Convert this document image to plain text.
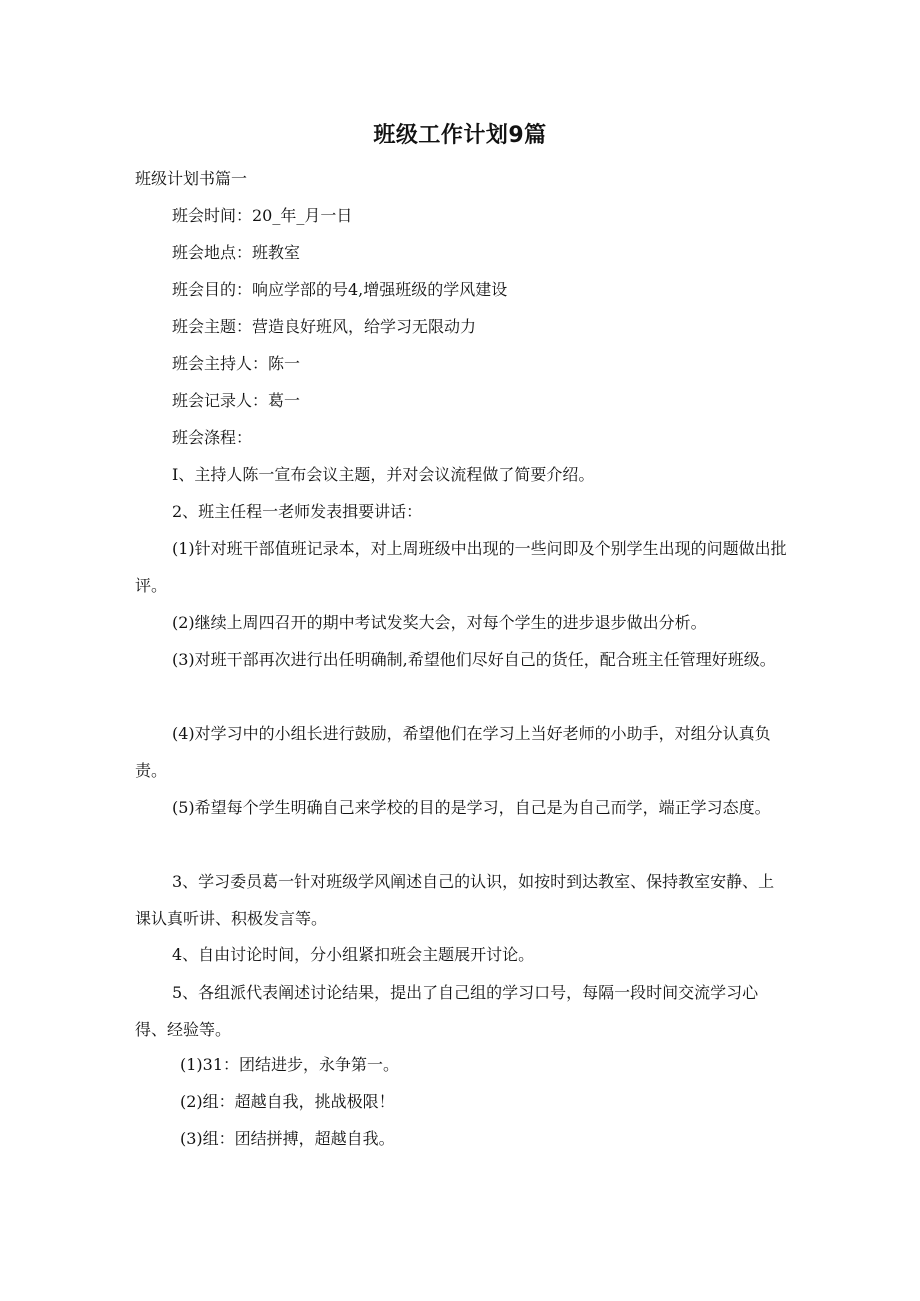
班级工作计划9篇
班级计划书篇一
班会时间：20_年_月一日
班会地点：班教室
班会目的：响应学部的号4,增强班级的学风建设
班会主题：营造良好班风，给学习无限动力
班会主持人：陈一
班会记录人：葛一
班会涤程：
I、主持人陈一宣布会议主题，并对会议流程做了简要介绍。
2、班主任程一老师发表揖要讲话：
(1)针对班干部值班记录本，对上周班级中出现的一些问即及个别学生出现的问题做出批评。
(2)继续上周四召开的期中考试发奖大会，对每个学生的进步退步做出分析。
(3)对班干部再次进行出任明确制,希望他们尽好自己的货任，配合班主任管理好班级。
(4)对学习中的小组长进行鼓励，希望他们在学习上当好老师的小助手，对组分认真负责。
(5)希望每个学生明确自己来学校的目的是学习，自己是为自己而学，端正学习态度。
3、学习委员葛一针对班级学风阐述自己的认识，如按时到达教室、保持教室安静、上课认真听讲、积极发言等。
4、自由讨论时间，分小组紧扣班会主题展开讨论。
5、各组派代表阐述讨论结果，提出了自己组的学习口号，每隔一段时间交流学习心得、经验等。
(1)31：团结进步，永争第一。
(2)组：超越自我，挑战极限！
(3)组：团结拼搏，超越自我。
